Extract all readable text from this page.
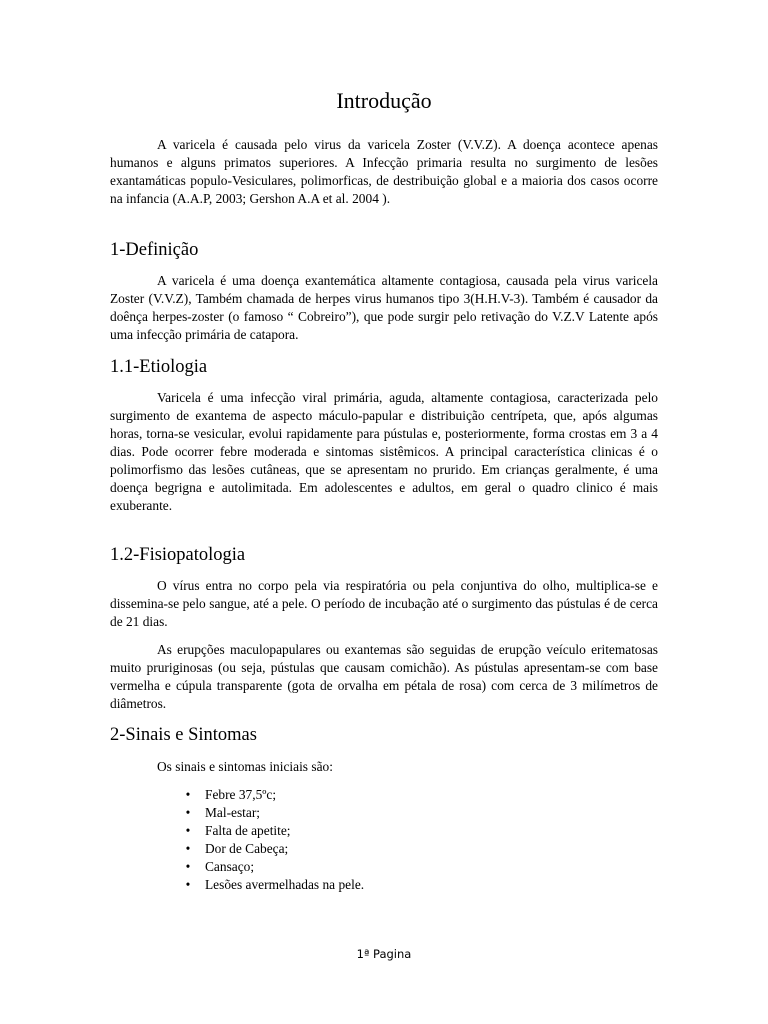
Introdução

A varicela é causada pelo virus da varicela Zoster (V.V.Z). A doença acontece apenas humanos e alguns primatos superiores. A Infecção primaria resulta no surgimento de lesões exantamáticas populo-Vesiculares, polimorficas, de destribuição global e a maioria dos casos ocorre na infancia (A.A.P, 2003; Gershon A.A et al. 2004 ).

1-Definição

A varicela é uma doença exantemática altamente contagiosa, causada pela virus varicela Zoster (V.V.Z), Também chamada de herpes virus humanos tipo 3(H.H.V-3). Também é causador da doênça herpes-zoster (o famoso “ Cobreiro”), que pode surgir pelo retivação do V.Z.V Latente após uma infecção primária de catapora.

1.1-Etiologia

Varicela é uma infecção viral primária, aguda, altamente contagiosa, caracterizada pelo surgimento de exantema de aspecto máculo-papular e distribuição centrípeta, que, após algumas horas, torna-se vesicular, evolui rapidamente para pústulas e, posteriormente, forma crostas em 3 a 4 dias. Pode ocorrer febre moderada e sintomas sistêmicos. A principal característica clinicas é o polimorfismo das lesões cutâneas, que se apresentam no prurido. Em crianças geralmente, é uma doença begrigna e autolimitada. Em adolescentes e adultos, em geral o quadro clinico é mais exuberante.

1.2-Fisiopatologia

O vírus entra no corpo pela via respiratória ou pela conjuntiva do olho, multiplica-se e dissemina-se pelo sangue, até a pele. O período de incubação até o surgimento das pústulas é de cerca de 21 dias.

As erupções maculopapulares ou exantemas são seguidas de erupção veículo eritematosas muito pruriginosas (ou seja, pústulas que causam comichão). As pústulas apresentam-se com base vermelha e cúpula transparente (gota de orvalha em pétala de rosa) com cerca de 3 milímetros de diâmetros.

2-Sinais e Sintomas

Os sinais e sintomas iniciais são:

• Febre 37,5ºc;
• Mal-estar;
• Falta de apetite;
• Dor de Cabeça;
• Cansaço;
• Lesões avermelhadas na pele.
1ª Pagina
